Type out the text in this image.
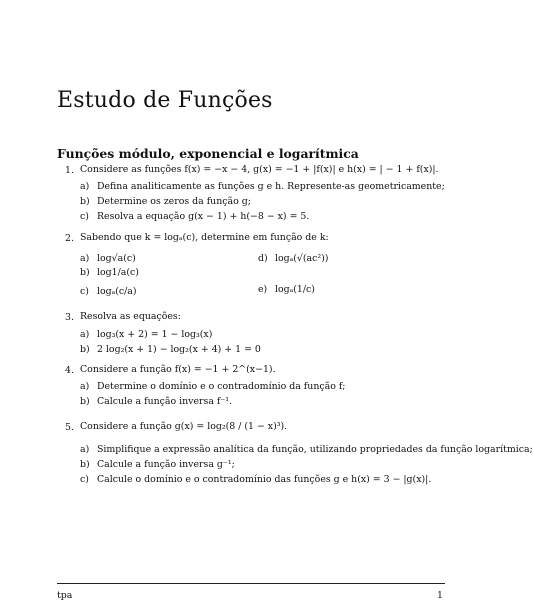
Estudo de Funções
Funções módulo, exponencial e logarítmica
1. Considere as funções f(x) = −x − 4, g(x) = −1 + |f(x)| e h(x) = | − 1 + f(x)|.
a) Defina analiticamente as funções g e h. Represente-as geometricamente;
b) Determine os zeros da função g;
c) Resolva a equação g(x − 1) + h(−8 − x) = 5.
2. Sabendo que k = logₐ(c), determine em função de k:
a) log√a(c)
b) log1/a(c)
c) logₐ(c/a)
d) logₐ(√(ac²))
e) logₐ(1/c)
3. Resolva as equações:
a) log₃(x + 2) = 1 − log₃(x)
b) 2 log₂(x + 1) − log₂(x + 4) + 1 = 0
4. Considere a função f(x) = −1 + 2^(x−1).
a) Determine o domínio e o contradomínio da função f;
b) Calcule a função inversa f⁻¹.
5. Considere a função g(x) = log₂(8 / (1 − x)³).
a) Simplifique a expressão analítica da função, utilizando propriedades da função logarítmica;
b) Calcule a função inversa g⁻¹;
c) Calcule o domínio e o contradomínio das funções g e h(x) = 3 − |g(x)|.
tpa	1
